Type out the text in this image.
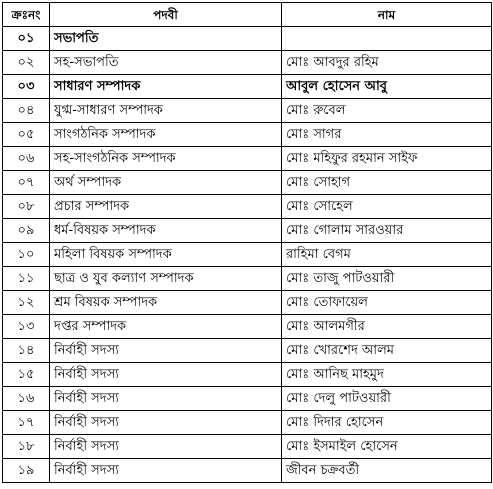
ক্রঃনং	পদবী	নাম
০১	সভাপতি	
০২	সহ-সভাপতি	মোঃ আবদুর রহিম
০৩	সাধারণ সম্পাদক	আবুল হোসেন আবু
০৪	যুগ্ম-সাধারণ সম্পাদক	মোঃ রুবেল
০৫	সাংগঠনিক সম্পাদক	মোঃ সাগর
০৬	সহ-সাংগঠনিক সম্পাদক	মোঃ মহিফুর রহমান সাইফ
০৭	অর্থ সম্পাদক	মোঃ সোহাগ
০৮	প্রচার সম্পাদক	মোঃ সোহেল
০৯	ধর্ম-বিষয়ক সম্পাদক	মোঃ গোলাম সারওয়ার
১০	মহিলা বিষয়ক সম্পাদক	রাহিমা বেগম
১১	ছাত্র ও যুব কল্যাণ সম্পাদক	মোঃ তাজু পাটওয়ারী
১২	শ্রম বিষয়ক সম্পাদক	মোঃ তোফায়েল
১৩	দপ্তর সম্পাদক	মোঃ আলমগীর
১৪	নির্বাহী সদস্য	মোঃ খোরশেদ আলম
১৫	নির্বাহী সদস্য	মোঃ আনিছ মাহমুদ
১৬	নির্বাহী সদস্য	মোঃ দেলু পাটওয়ারী
১৭	নির্বাহী সদস্য	মোঃ দিদার হোসেন
১৮	নির্বাহী সদস্য	মোঃ ইসমাইল হোসেন
১৯	নির্বাহী সদস্য	জীবন চক্রবর্তী
